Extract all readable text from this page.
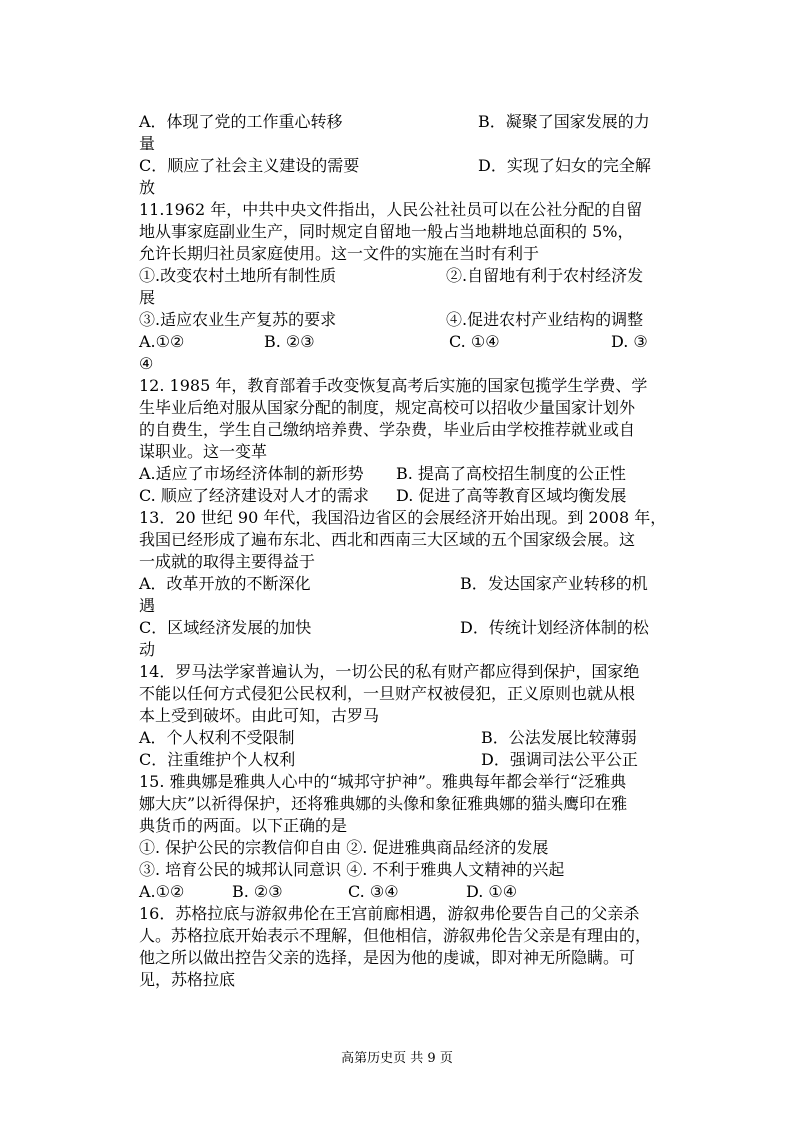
A．体现了党的工作重心转移	B．凝聚了国家发展的力
量
C．顺应了社会主义建设的需要	D．实现了妇女的完全解
放
11.1962 年，中共中央文件指出，人民公社社员可以在公社分配的自留
地从事家庭副业生产，同时规定自留地一般占当地耕地总面积的 5%，
允许长期归社员家庭使用。这一文件的实施在当时有利于
①.改变农村土地所有制性质	②.自留地有利于农村经济发
展
③.适应农业生产复苏的要求	④.促进农村产业结构的调整
A.①②	B. ②③	C. ①④	D. ③
④
12. 1985 年，教育部着手改变恢复高考后实施的国家包揽学生学费、学
生毕业后绝对服从国家分配的制度，规定高校可以招收少量国家计划外
的自费生，学生自己缴纳培养费、学杂费，毕业后由学校推荐就业或自
谋职业。这一变革
A.适应了市场经济体制的新形势 B. 提高了高校招生制度的公正性
C. 顺应了经济建设对人才的需求 D. 促进了高等教育区域均衡发展
13．20 世纪 90 年代，我国沿边省区的会展经济开始出现。到 2008 年，
我国已经形成了遍布东北、西北和西南三大区域的五个国家级会展。这
一成就的取得主要得益于
A．改革开放的不断深化	B．发达国家产业转移的机
遇
C．区域经济发展的加快	D．传统计划经济体制的松
动
14．罗马法学家普遍认为，一切公民的私有财产都应得到保护，国家绝
不能以任何方式侵犯公民权利，一旦财产权被侵犯，正义原则也就从根
本上受到破坏。由此可知，古罗马
A．个人权利不受限制	B．公法发展比较薄弱
C．注重维护个人权利	D．强调司法公平公正
15. 雅典娜是雅典人心中的“城邦守护神”。雅典每年都会举行“泛雅典
娜大庆”以祈得保护，还将雅典娜的头像和象征雅典娜的猫头鹰印在雅
典货币的两面。以下正确的是
①. 保护公民的宗教信仰自由 ②. 促进雅典商品经济的发展
③. 培育公民的城邦认同意识 ④. 不利于雅典人文精神的兴起
A.①②	B. ②③	C. ③④	D. ①④
16．苏格拉底与游叙弗伦在王宫前廊相遇，游叙弗伦要告自己的父亲杀
人。苏格拉底开始表示不理解，但他相信，游叙弗伦告父亲是有理由的，
他之所以做出控告父亲的选择，是因为他的虔诚，即对神无所隐瞒。可
见，苏格拉底
高第历史页 共 9 页
